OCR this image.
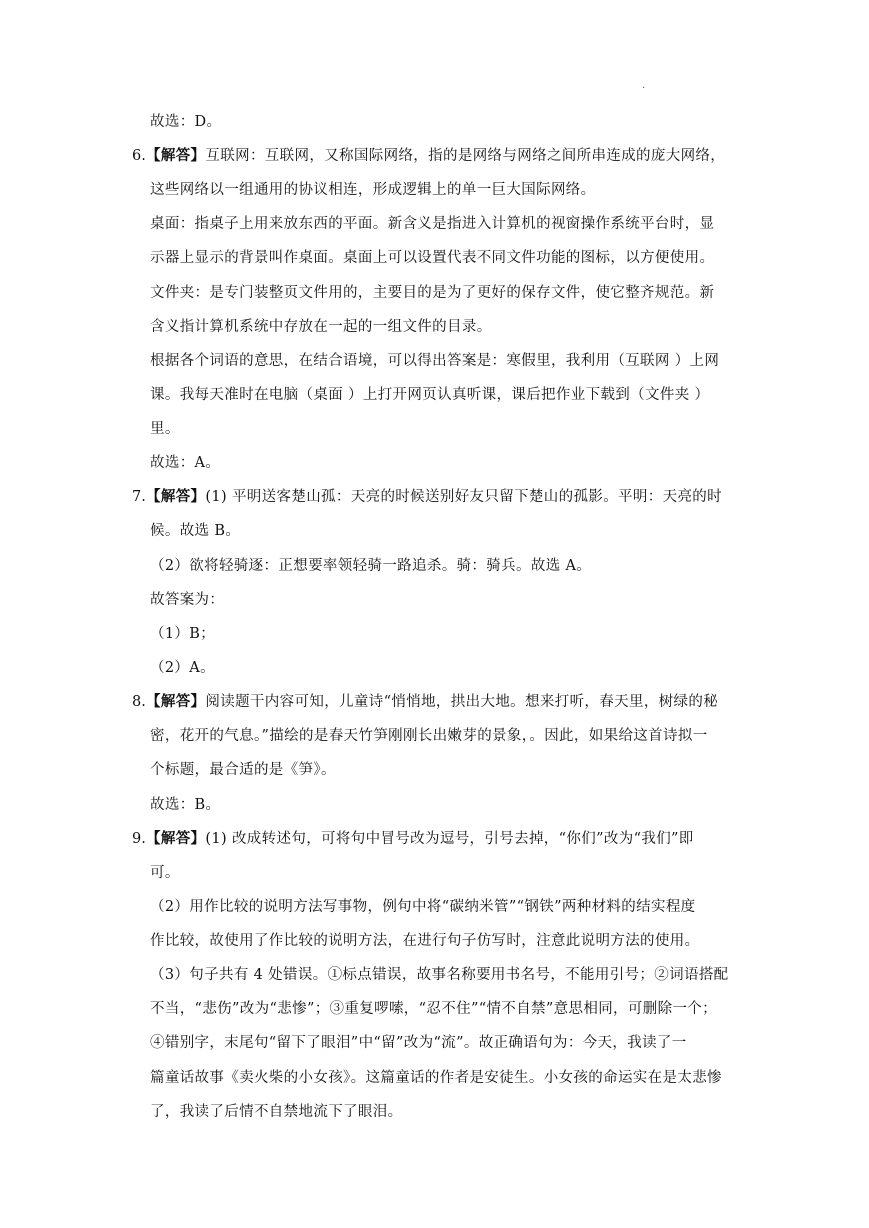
.
故选：D。
6. 【解答】互联网：互联网，又称国际网络，指的是网络与网络之间所串连成的庞大网络，
这些网络以一组通用的协议相连，形成逻辑上的单一巨大国际网络。
桌面：指桌子上用来放东西的平面。新含义是指进入计算机的视窗操作系统平台时，显
示器上显示的背景叫作桌面。桌面上可以设置代表不同文件功能的图标，以方便使用。
文件夹：是专门装整页文件用的，主要目的是为了更好的保存文件，使它整齐规范。新
含义指计算机系统中存放在一起的一组文件的目录。
根据各个词语的意思，在结合语境，可以得出答案是：寒假里，我利用（互联网 ）上网
课。我每天准时在电脑（桌面 ）上打开网页认真听课，课后把作业下载到（文件夹 ）
里。
故选：A。
7. 【解答】(1) 平明送客楚山孤：天亮的时候送别好友只留下楚山的孤影。平明：天亮的时
候。故选 B。
（2）欲将轻骑逐：正想要率领轻骑一路追杀。骑：骑兵。故选 A。
故答案为：
（1）B；
（2）A。
8. 【解答】阅读题干内容可知，儿童诗“悄悄地，拱出大地。想来打听，春天里，树绿的秘
密，花开的气息。”描绘的是春天竹笋刚刚长出嫩芽的景象，。因此，如果给这首诗拟一
个标题，最合适的是《笋》。
故选：B。
9. 【解答】(1) 改成转述句，可将句中冒号改为逗号，引号去掉，“你们”改为“我们”即
可。
（2）用作比较的说明方法写事物，例句中将“碳纳米管”“钢铁”两种材料的结实程度
作比较，故使用了作比较的说明方法，在进行句子仿写时，注意此说明方法的使用。
（3）句子共有 4 处错误。①标点错误，故事名称要用书名号，不能用引号；②词语搭配
不当，“悲伤”改为“悲惨”；③重复啰嗦，“忍不住”“情不自禁”意思相同，可删除一个；
④错别字，末尾句“留下了眼泪”中“留”改为“流”。故正确语句为：今天，我读了一
篇童话故事《卖火柴的小女孩》。这篇童话的作者是安徒生。小女孩的命运实在是太悲惨
了，我读了后情不自禁地流下了眼泪。
